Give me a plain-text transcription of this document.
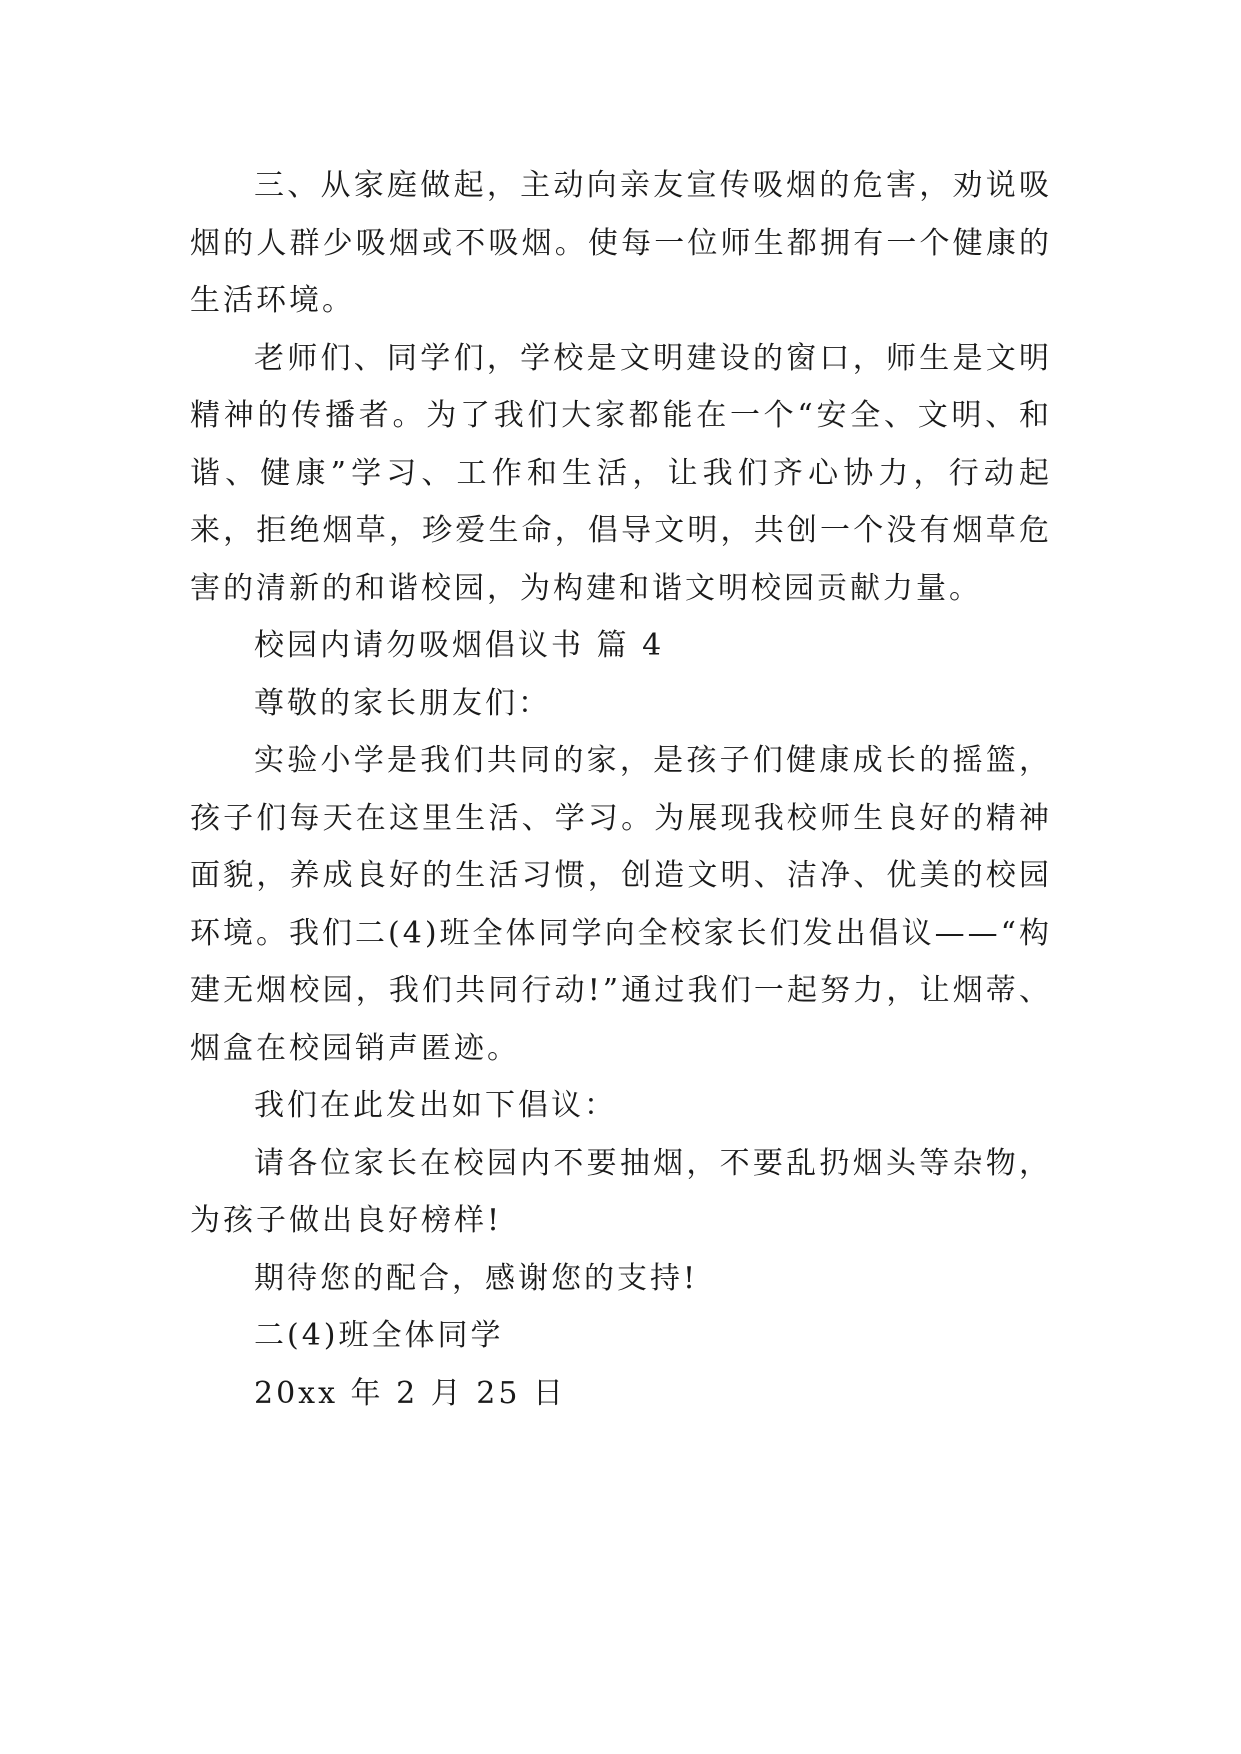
三、从家庭做起，主动向亲友宣传吸烟的危害，劝说吸烟的人群少吸烟或不吸烟。使每一位师生都拥有一个健康的生活环境。

老师们、同学们，学校是文明建设的窗口，师生是文明精神的传播者。为了我们大家都能在一个“安全、文明、和谐、健康”学习、工作和生活，让我们齐心协力，行动起来，拒绝烟草，珍爱生命，倡导文明，共创一个没有烟草危害的清新的和谐校园，为构建和谐文明校园贡献力量。

校园内请勿吸烟倡议书 篇 4

尊敬的家长朋友们：

实验小学是我们共同的家，是孩子们健康成长的摇篮，孩子们每天在这里生活、学习。为展现我校师生良好的精神面貌，养成良好的生活习惯，创造文明、洁净、优美的校园环境。我们二(4)班全体同学向全校家长们发出倡议——“构建无烟校园，我们共同行动!”通过我们一起努力，让烟蒂、烟盒在校园销声匿迹。

我们在此发出如下倡议：

请各位家长在校园内不要抽烟，不要乱扔烟头等杂物，为孩子做出良好榜样!

期待您的配合，感谢您的支持!

二(4)班全体同学

20xx 年 2 月 25 日
